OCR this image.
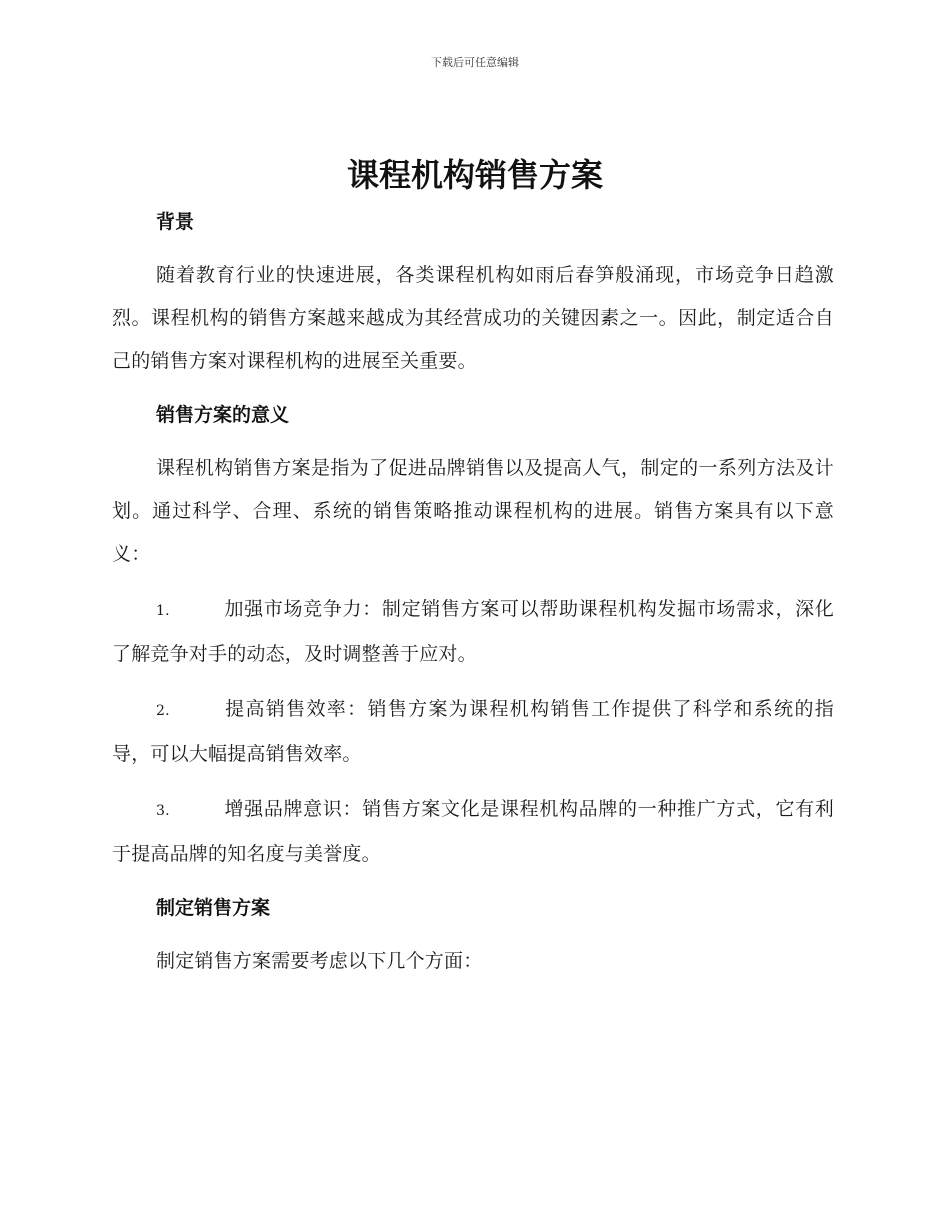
下载后可任意编辑
课程机构销售方案
背景

随着教育行业的快速进展，各类课程机构如雨后春笋般涌现，市场竞争日趋激烈。课程机构的销售方案越来越成为其经营成功的关键因素之一。因此，制定适合自己的销售方案对课程机构的进展至关重要。

销售方案的意义

课程机构销售方案是指为了促进品牌销售以及提高人气，制定的一系列方法及计划。通过科学、合理、系统的销售策略推动课程机构的进展。销售方案具有以下意义：

1.	加强市场竞争力：制定销售方案可以帮助课程机构发掘市场需求，深化了解竞争对手的动态，及时调整善于应对。

2.	提高销售效率：销售方案为课程机构销售工作提供了科学和系统的指导，可以大幅提高销售效率。

3.	增强品牌意识：销售方案文化是课程机构品牌的一种推广方式，它有利于提高品牌的知名度与美誉度。

制定销售方案

制定销售方案需要考虑以下几个方面：
